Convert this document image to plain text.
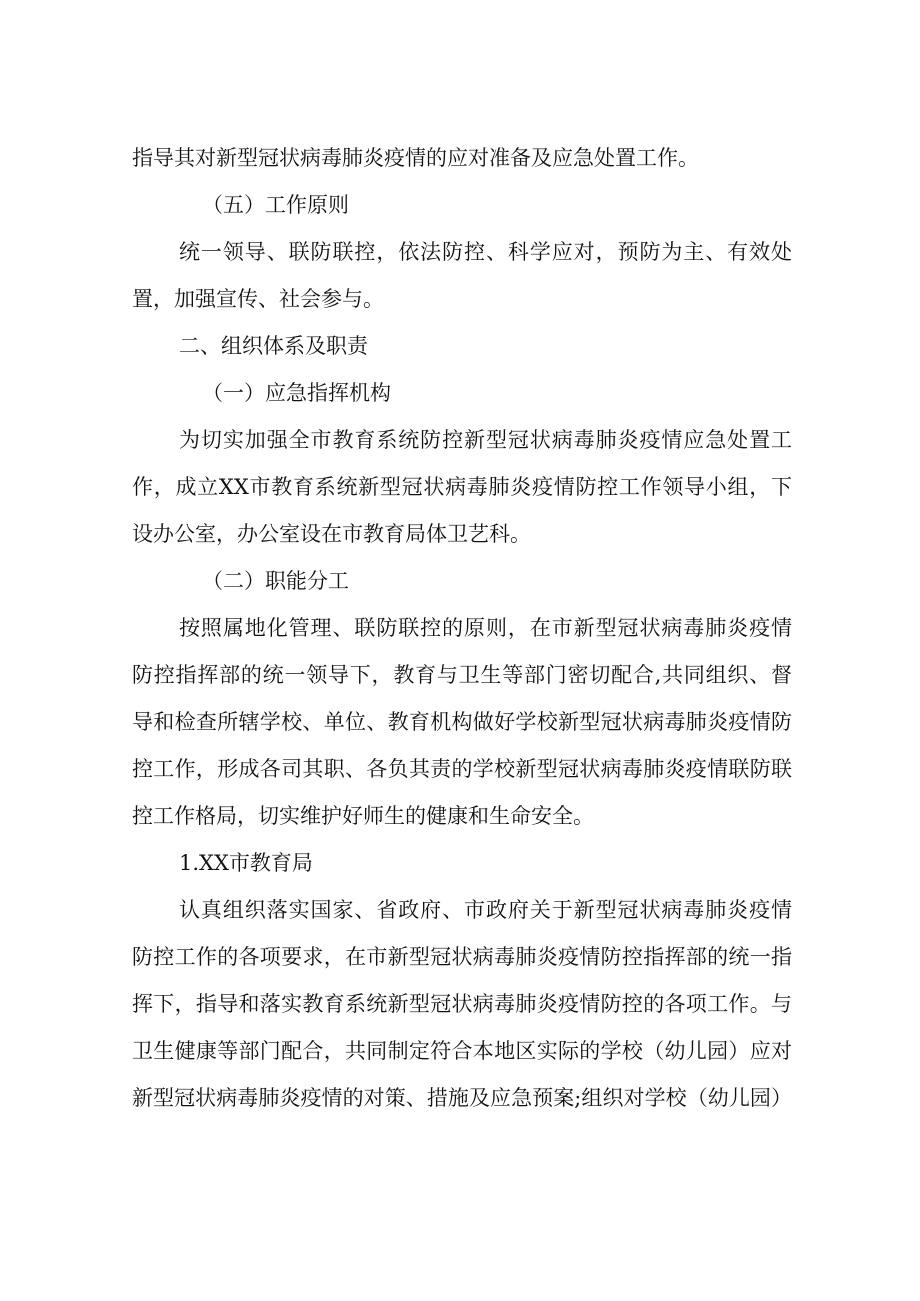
指导其对新型冠状病毒肺炎疫情的应对准备及应急处置工作。
（五）工作原则
统一领导、联防联控，依法防控、科学应对，预防为主、有效处
置，加强宣传、社会参与。
二、组织体系及职责
（一）应急指挥机构
为切实加强全市教育系统防控新型冠状病毒肺炎疫情应急处置工
作，成立XX市教育系统新型冠状病毒肺炎疫情防控工作领导小组，下
设办公室，办公室设在市教育局体卫艺科。
（二）职能分工
按照属地化管理、联防联控的原则，在市新型冠状病毒肺炎疫情
防控指挥部的统一领导下，教育与卫生等部门密切配合,共同组织、督
导和检查所辖学校、单位、教育机构做好学校新型冠状病毒肺炎疫情防
控工作，形成各司其职、各负其责的学校新型冠状病毒肺炎疫情联防联
控工作格局，切实维护好师生的健康和生命安全。
1.XX市教育局
认真组织落实国家、省政府、市政府关于新型冠状病毒肺炎疫情
防控工作的各项要求，在市新型冠状病毒肺炎疫情防控指挥部的统一指
挥下，指导和落实教育系统新型冠状病毒肺炎疫情防控的各项工作。与
卫生健康等部门配合，共同制定符合本地区实际的学校（幼儿园）应对
新型冠状病毒肺炎疫情的对策、措施及应急预案;组织对学校（幼儿园）
